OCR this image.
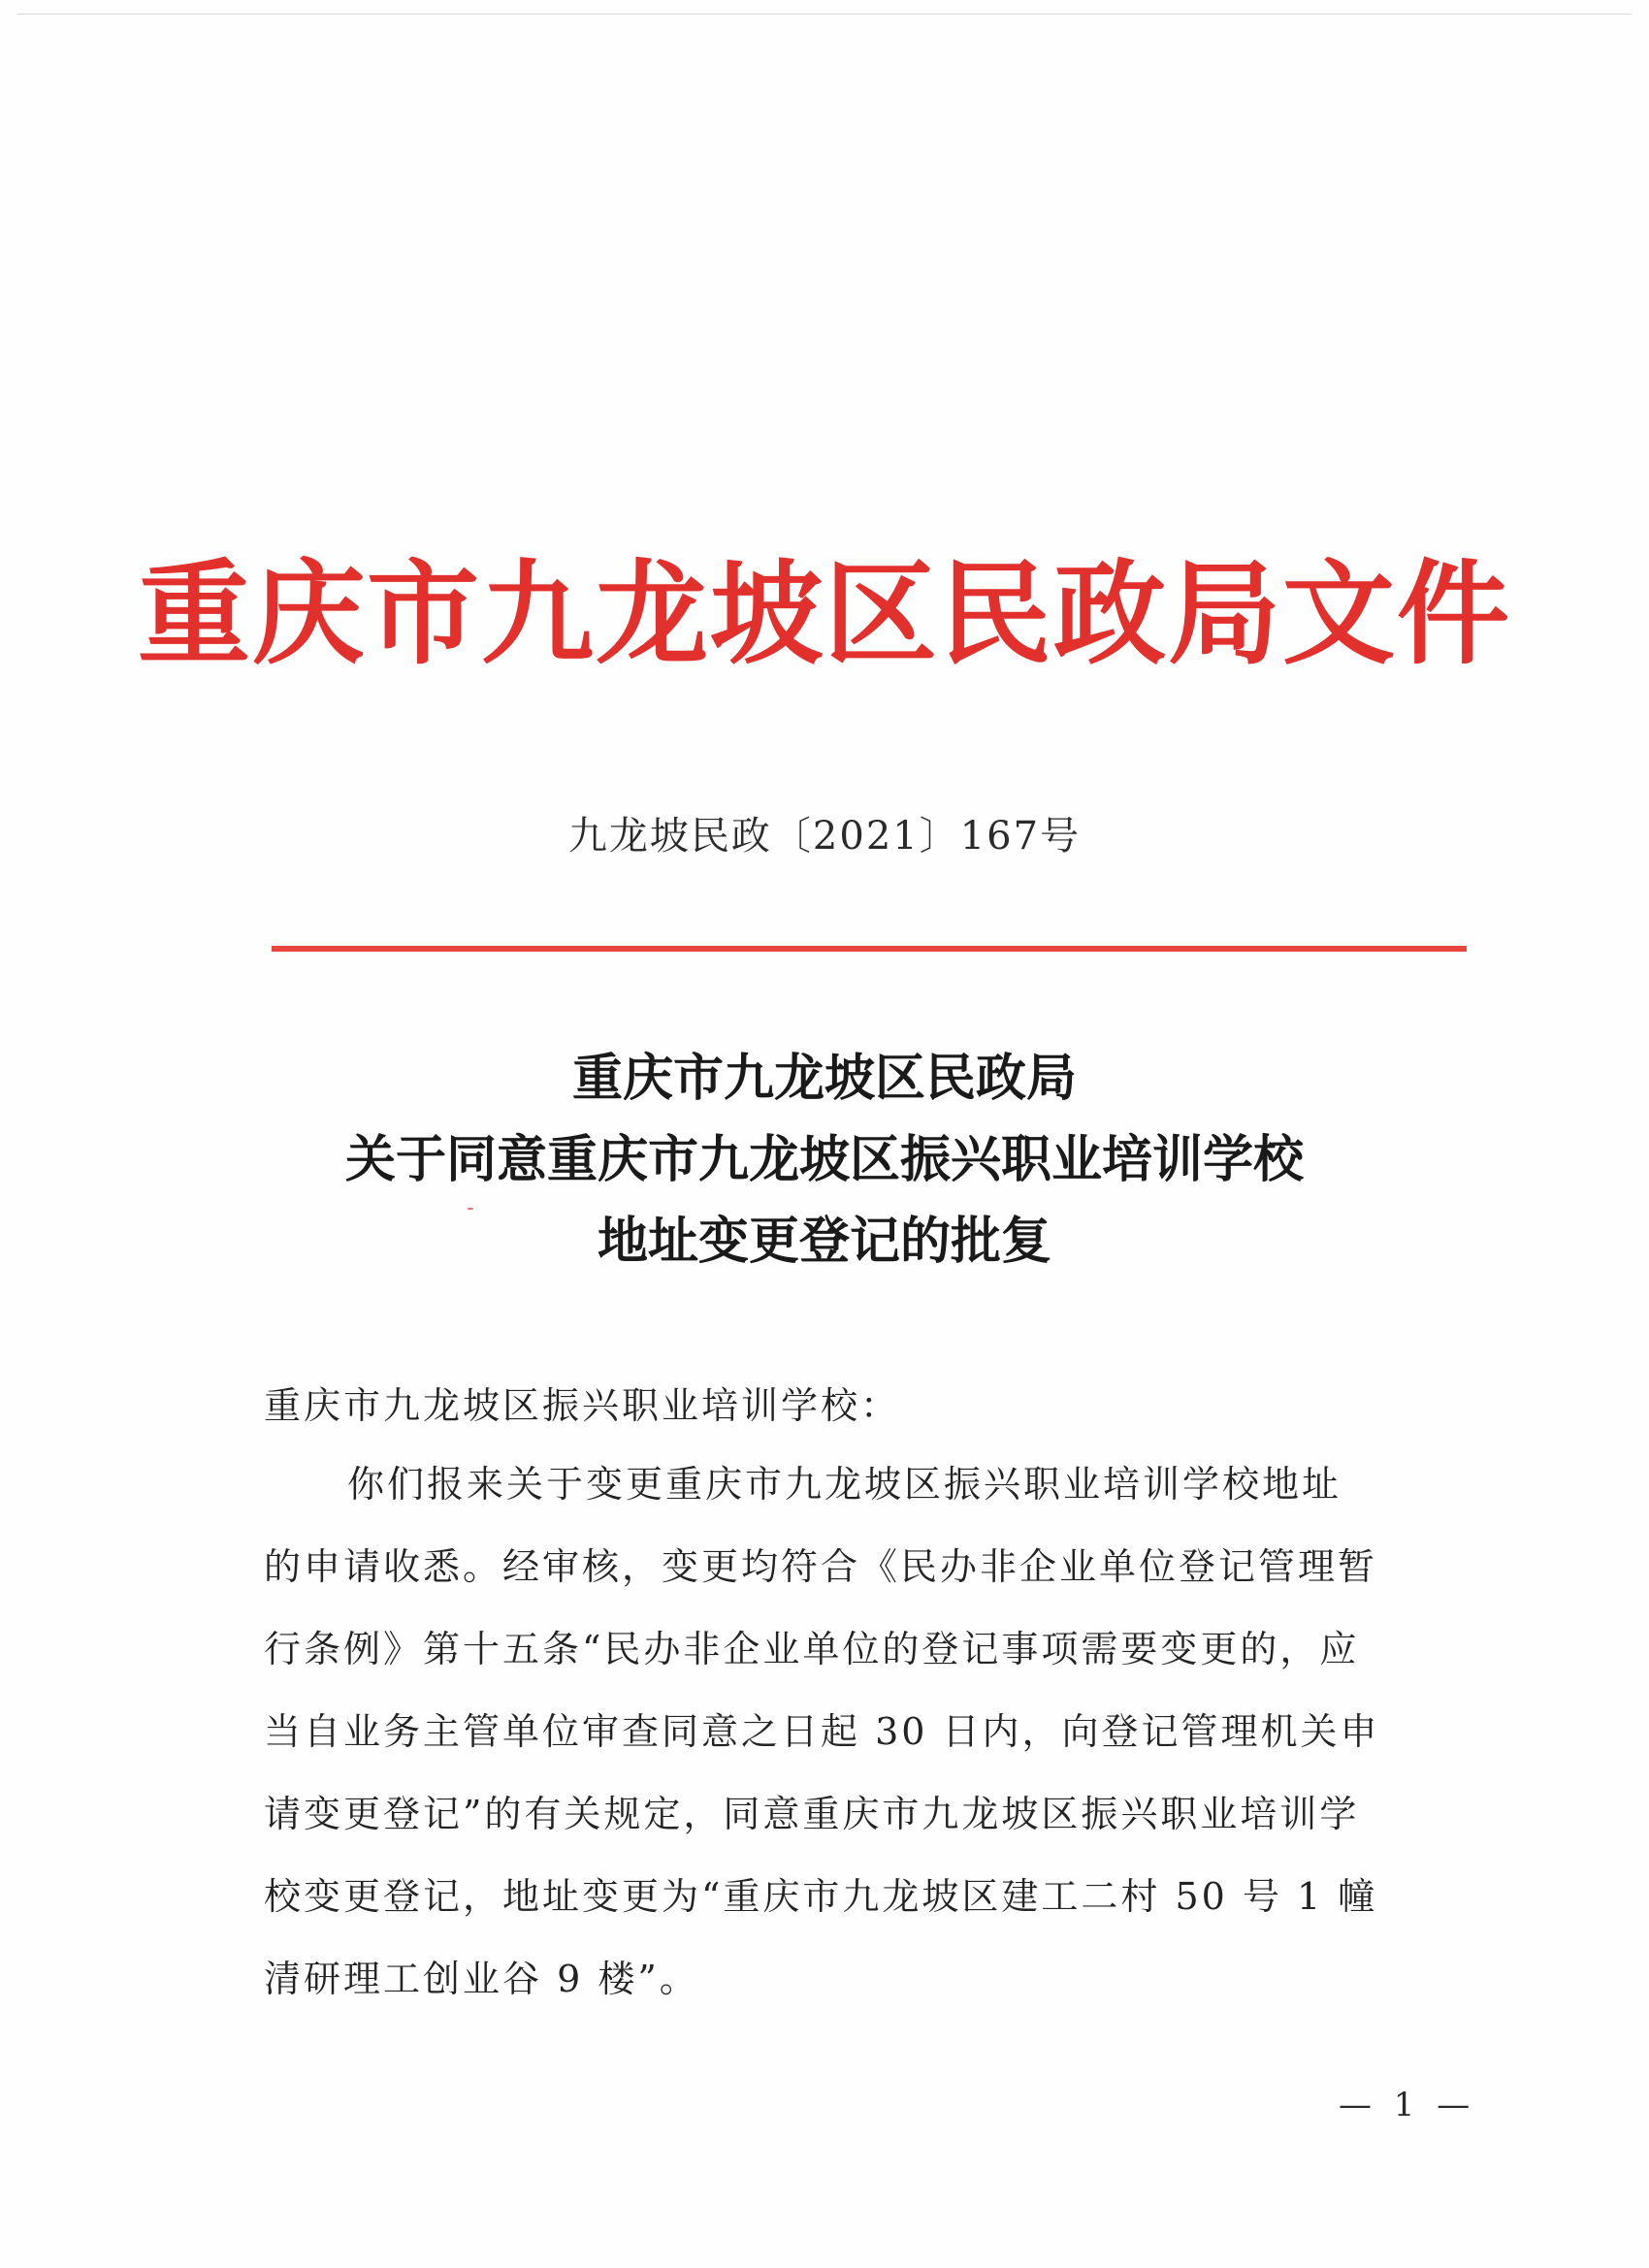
重庆市九龙坡区民政局文件
九龙坡民政〔2021〕167号
重庆市九龙坡区民政局
关于同意重庆市九龙坡区振兴职业培训学校
地址变更登记的批复
重庆市九龙坡区振兴职业培训学校：
你们报来关于变更重庆市九龙坡区振兴职业培训学校地址
的申请收悉。经审核，变更均符合《民办非企业单位登记管理暂
行条例》第十五条“民办非企业单位的登记事项需要变更的，应
当自业务主管单位审查同意之日起 30 日内，向登记管理机关申
请变更登记”的有关规定，同意重庆市九龙坡区振兴职业培训学
校变更登记，地址变更为“重庆市九龙坡区建工二村 50 号 1 幢
清研理工创业谷 9 楼”。
— 1 —
